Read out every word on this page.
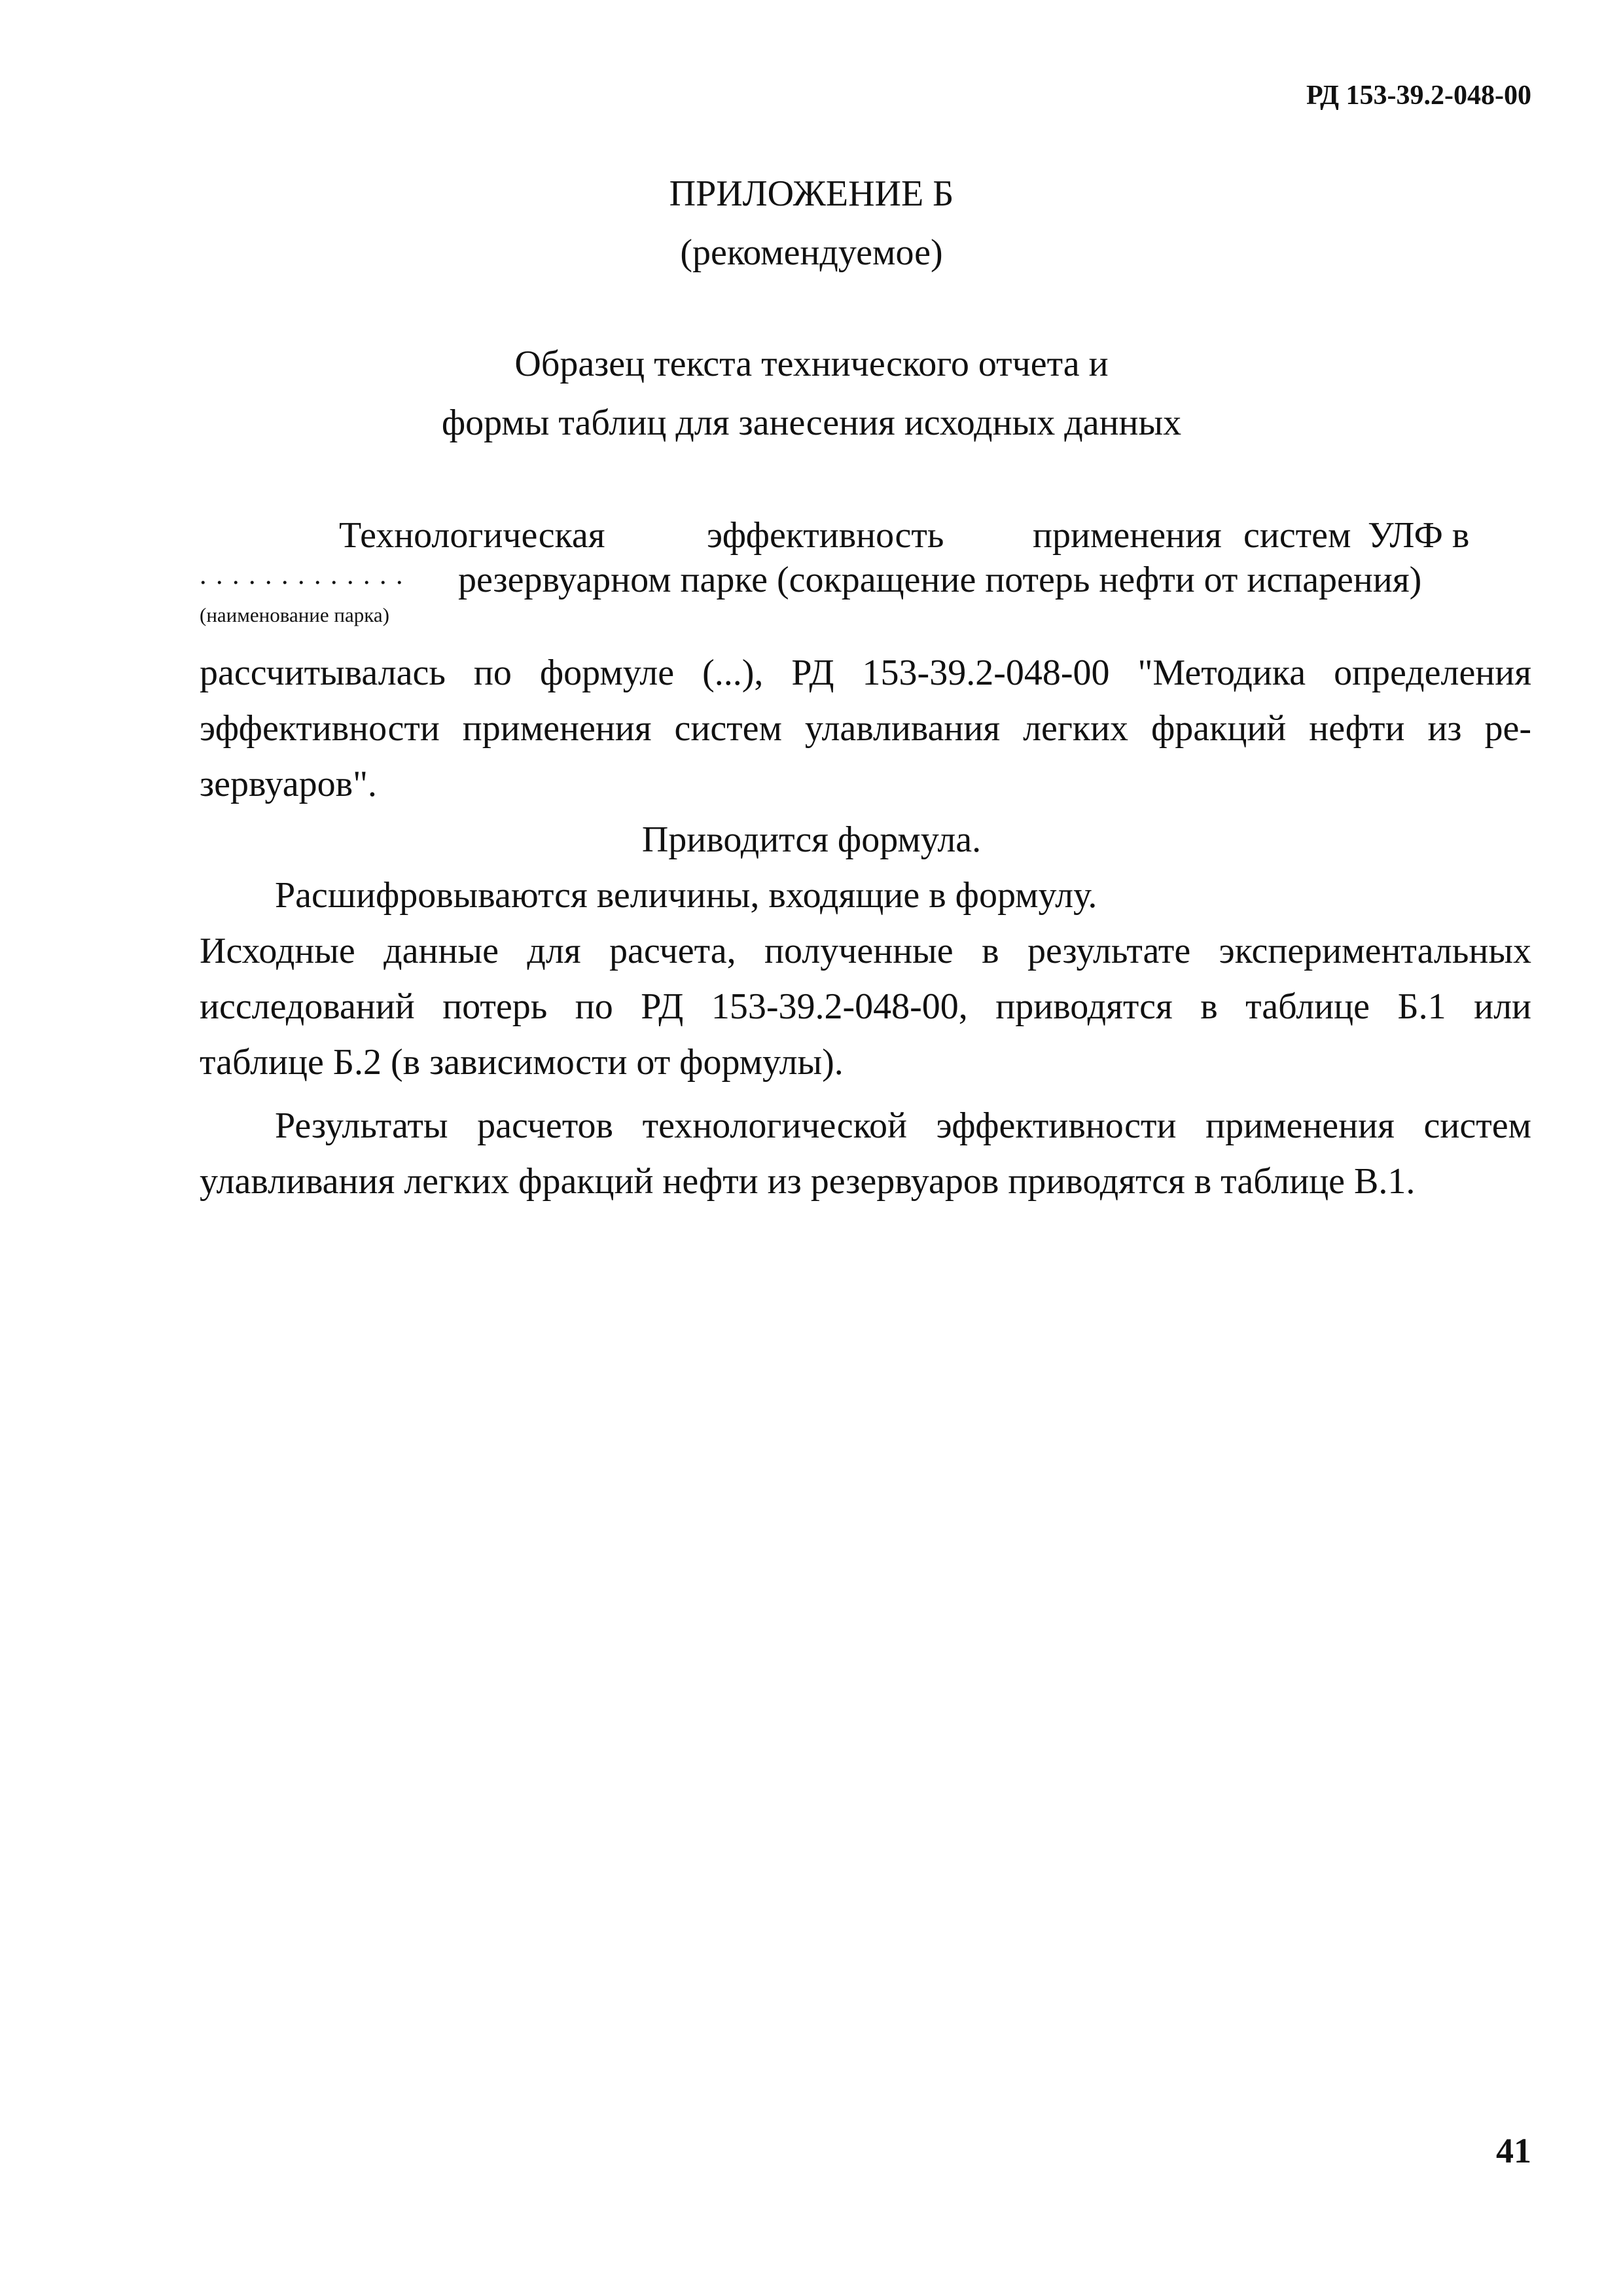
РД 153-39.2-048-00
ПРИЛОЖЕНИЕ Б
(рекомендуемое)
Образец текста технического отчета и
формы таблиц для занесения исходных данных
Технологическая	эффективность применения систем УЛФ в
. . . . . . . . . . . . . резервуарном парке (сокращение потерь нефти от испарения)
(наименование парка)
рассчитывалась по формуле (...), РД 153-39.2-048-00 "Методика определения
эффективности применения систем улавливания легких фракций нефти из ре-
зервуаров".
Приводится формула.
Расшифровываются величины, входящие в формулу.
Исходные данные для расчета, полученные в результате экспериментальных
исследований потерь по РД 153-39.2-048-00, приводятся в таблице Б.1 или
таблице Б.2 (в зависимости от формулы).
Результаты расчетов технологической эффективности применения систем
улавливания легких фракций нефти из резервуаров приводятся в таблице В.1.
41
